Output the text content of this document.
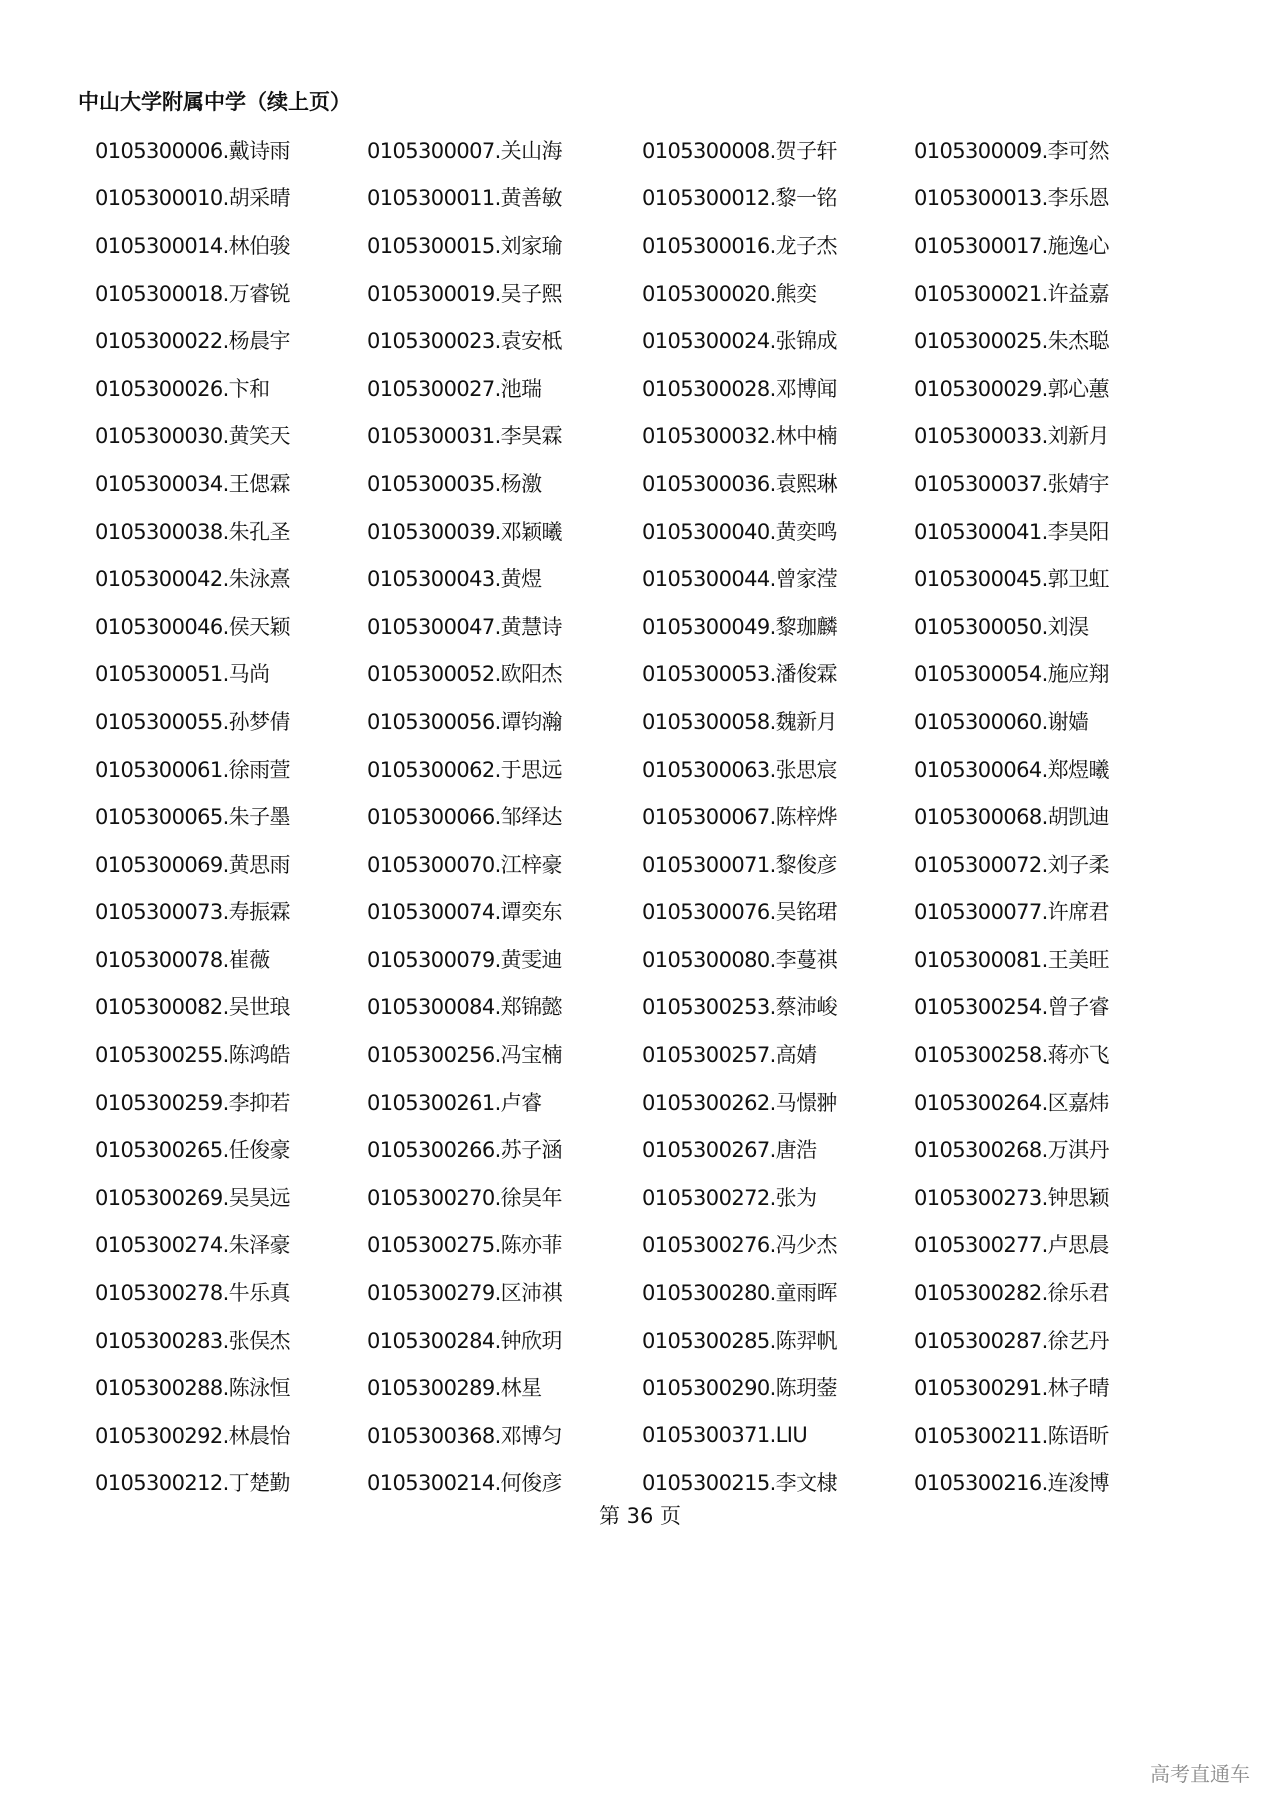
中山大学附属中学（续上页）
0105300006.戴诗雨	0105300007.关山海	0105300008.贺子轩	0105300009.李可然
0105300010.胡采晴	0105300011.黄善敏	0105300012.黎一铭	0105300013.李乐恩
0105300014.林伯骏	0105300015.刘家瑜	0105300016.龙子杰	0105300017.施逸心
0105300018.万睿锐	0105300019.吴子熙	0105300020.熊奕	0105300021.许益嘉
0105300022.杨晨宇	0105300023.袁安柢	0105300024.张锦成	0105300025.朱杰聪
0105300026.卞和	0105300027.池瑞	0105300028.邓博闻	0105300029.郭心蕙
0105300030.黄笑天	0105300031.李昊霖	0105300032.林中楠	0105300033.刘新月
0105300034.王偲霖	0105300035.杨激	0105300036.袁熙琳	0105300037.张婧宇
0105300038.朱孔圣	0105300039.邓颖曦	0105300040.黄奕鸣	0105300041.李昊阳
0105300042.朱泳熹	0105300043.黄煜	0105300044.曾家滢	0105300045.郭卫虹
0105300046.侯天颖	0105300047.黄慧诗	0105300049.黎珈麟	0105300050.刘淏
0105300051.马尚	0105300052.欧阳杰	0105300053.潘俊霖	0105300054.施应翔
0105300055.孙梦倩	0105300056.谭钧瀚	0105300058.魏新月	0105300060.谢嫱
0105300061.徐雨萱	0105300062.于思远	0105300063.张思宸	0105300064.郑煜曦
0105300065.朱子墨	0105300066.邹绎达	0105300067.陈梓烨	0105300068.胡凯迪
0105300069.黄思雨	0105300070.江梓豪	0105300071.黎俊彦	0105300072.刘子柔
0105300073.寿振霖	0105300074.谭奕东	0105300076.吴铭珺	0105300077.许席君
0105300078.崔薇	0105300079.黄雯迪	0105300080.李蔓祺	0105300081.王美旺
0105300082.吴世琅	0105300084.郑锦懿	0105300253.蔡沛峻	0105300254.曾子睿
0105300255.陈鸿皓	0105300256.冯宝楠	0105300257.高婧	0105300258.蒋亦飞
0105300259.李抑若	0105300261.卢睿	0105300262.马憬翀	0105300264.区嘉炜
0105300265.任俊豪	0105300266.苏子涵	0105300267.唐浩	0105300268.万淇丹
0105300269.吴昊远	0105300270.徐昊年	0105300272.张为	0105300273.钟思颖
0105300274.朱泽豪	0105300275.陈亦菲	0105300276.冯少杰	0105300277.卢思晨
0105300278.牛乐真	0105300279.区沛祺	0105300280.童雨晖	0105300282.徐乐君
0105300283.张俣杰	0105300284.钟欣玥	0105300285.陈羿帆	0105300287.徐艺丹
0105300288.陈泳恒	0105300289.林星	0105300290.陈玥蓥	0105300291.林子晴
0105300292.林晨怡	0105300368.邓博匀	0105300371.LIU	0105300211.陈语昕
0105300212.丁楚勤	0105300214.何俊彦	0105300215.李文棣	0105300216.连浚博
第 36 页
高考直通车
